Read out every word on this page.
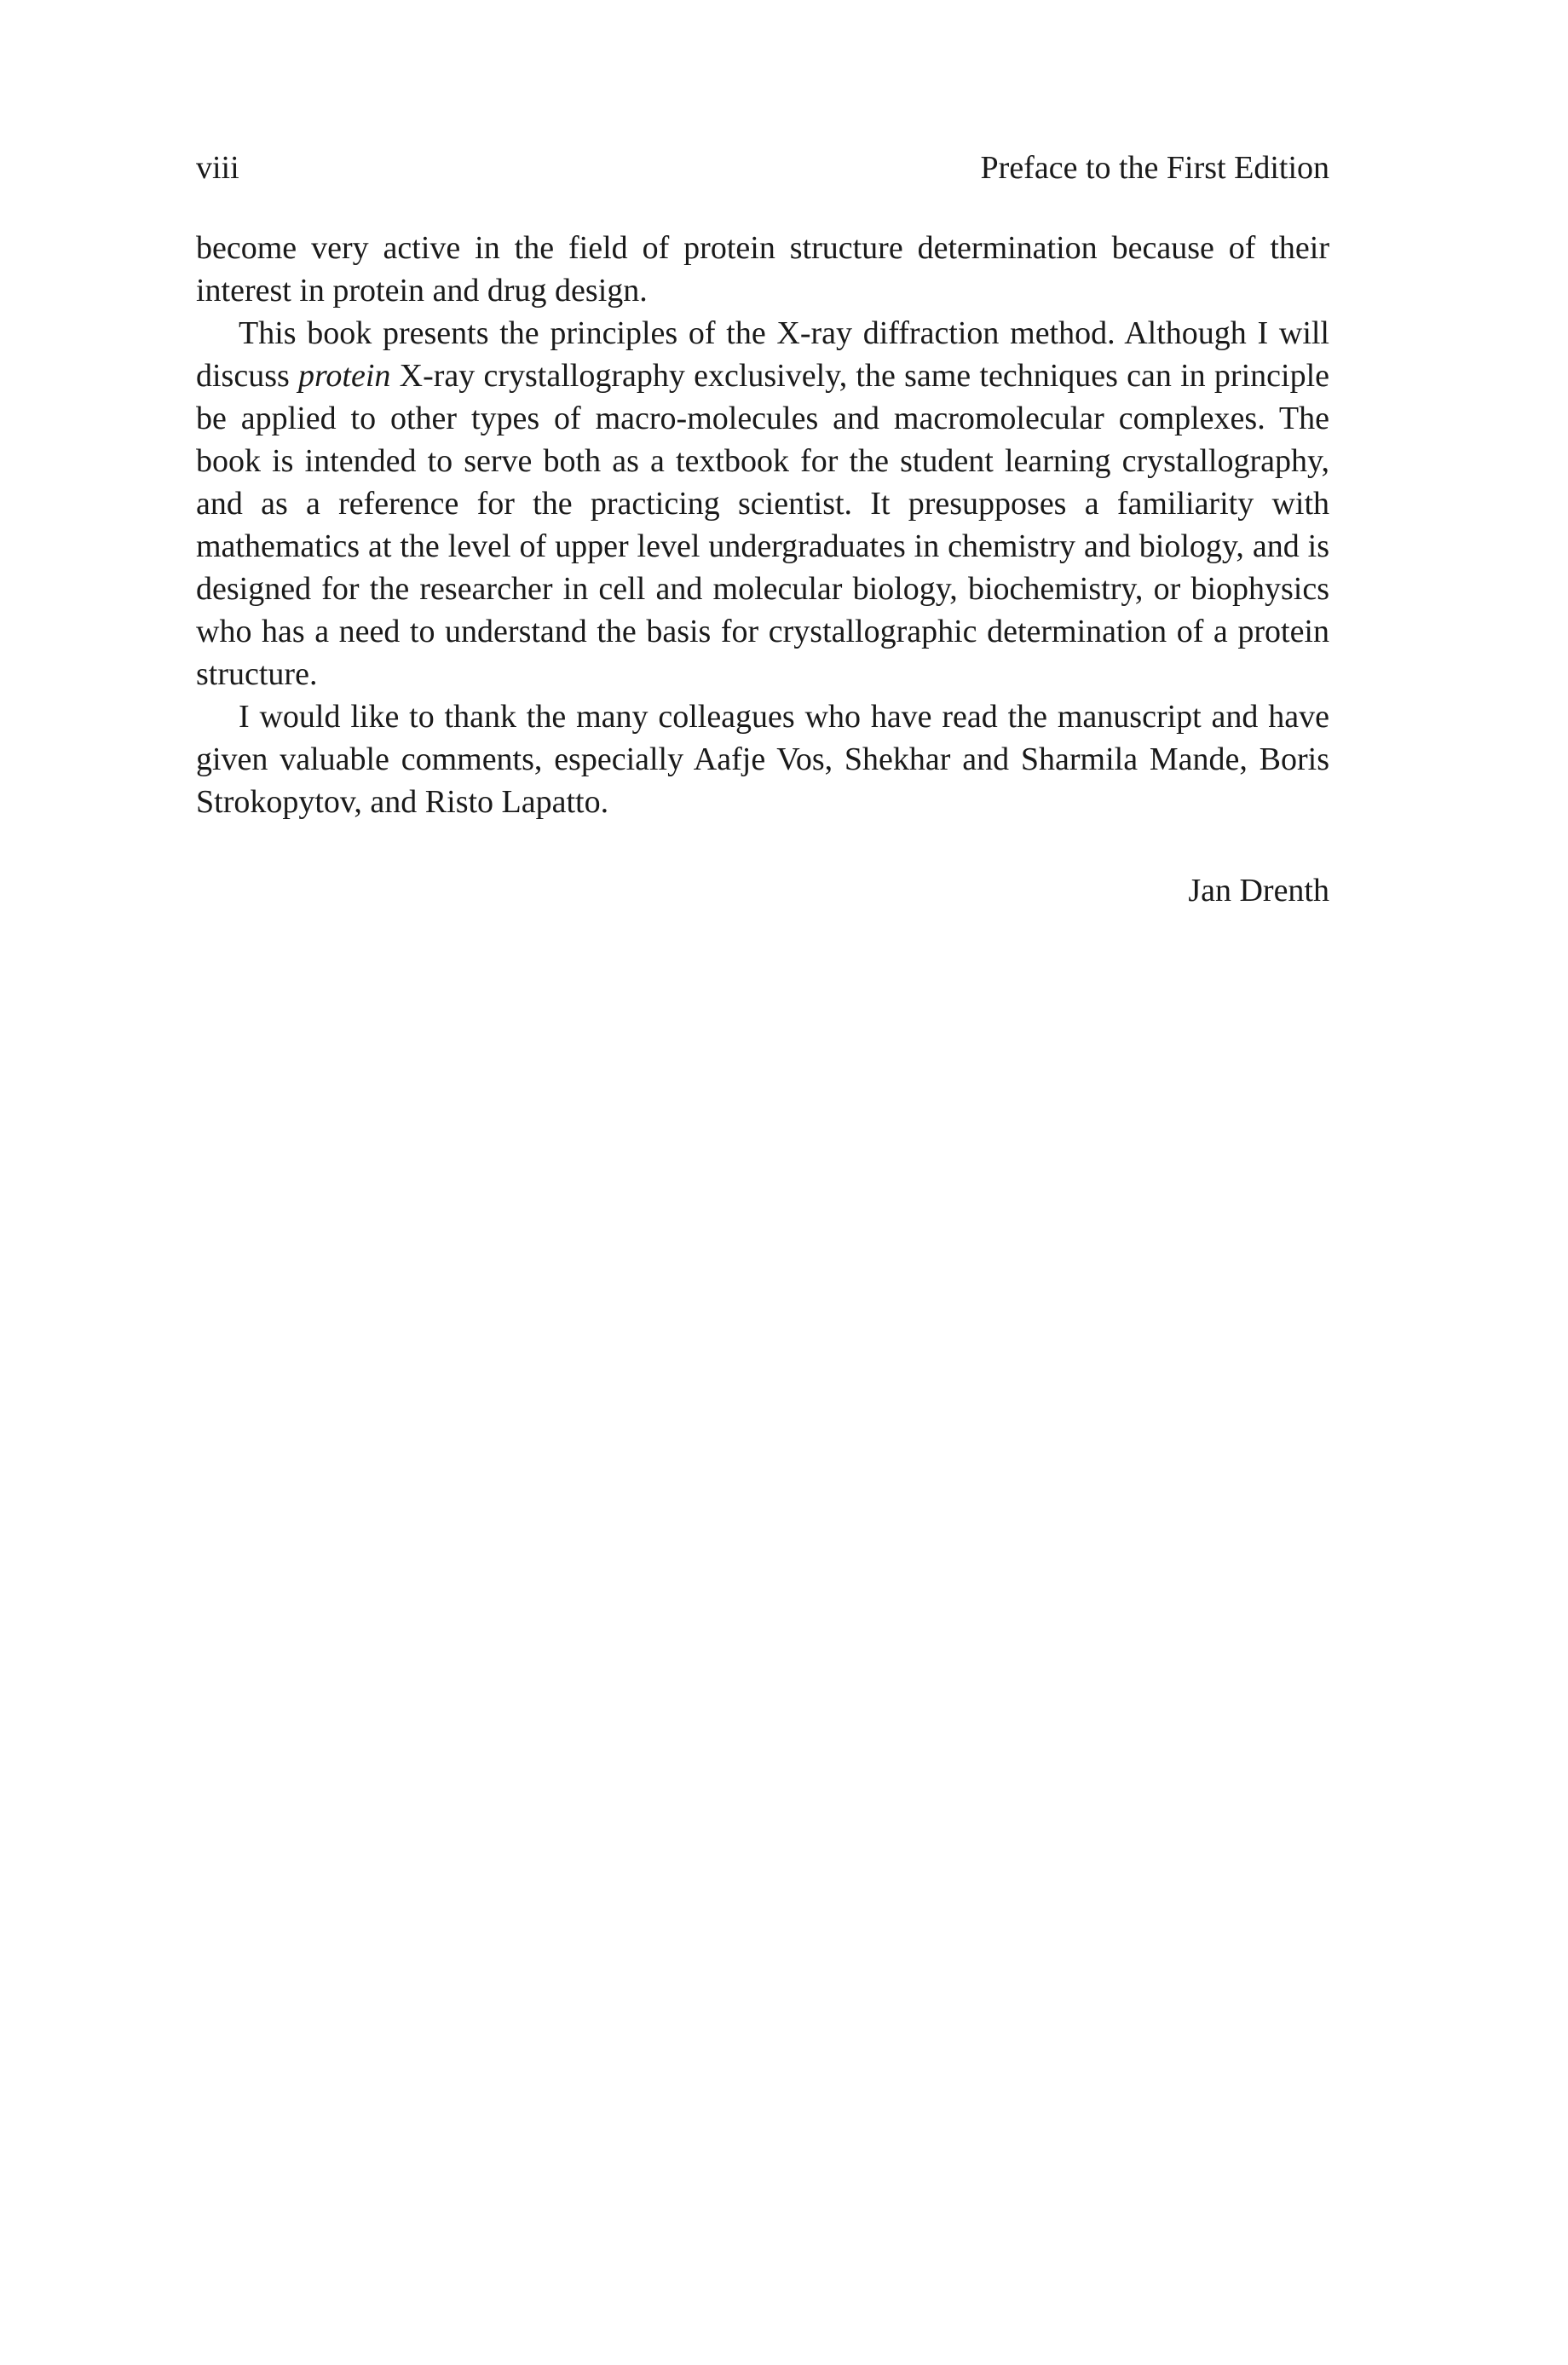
viii	Preface to the First Edition

become very active in the field of protein structure determination because of their interest in protein and drug design.

This book presents the principles of the X-ray diffraction method. Although I will discuss protein X-ray crystallography exclusively, the same techniques can in principle be applied to other types of macro-molecules and macromolecular complexes. The book is intended to serve both as a textbook for the student learning crystallography, and as a reference for the practicing scientist. It presupposes a familiarity with mathematics at the level of upper level undergraduates in chemistry and biology, and is designed for the researcher in cell and molecular biology, biochemistry, or biophysics who has a need to understand the basis for crystallographic determination of a protein structure.

I would like to thank the many colleagues who have read the manuscript and have given valuable comments, especially Aafje Vos, Shekhar and Sharmila Mande, Boris Strokopytov, and Risto Lapatto.

Jan Drenth
